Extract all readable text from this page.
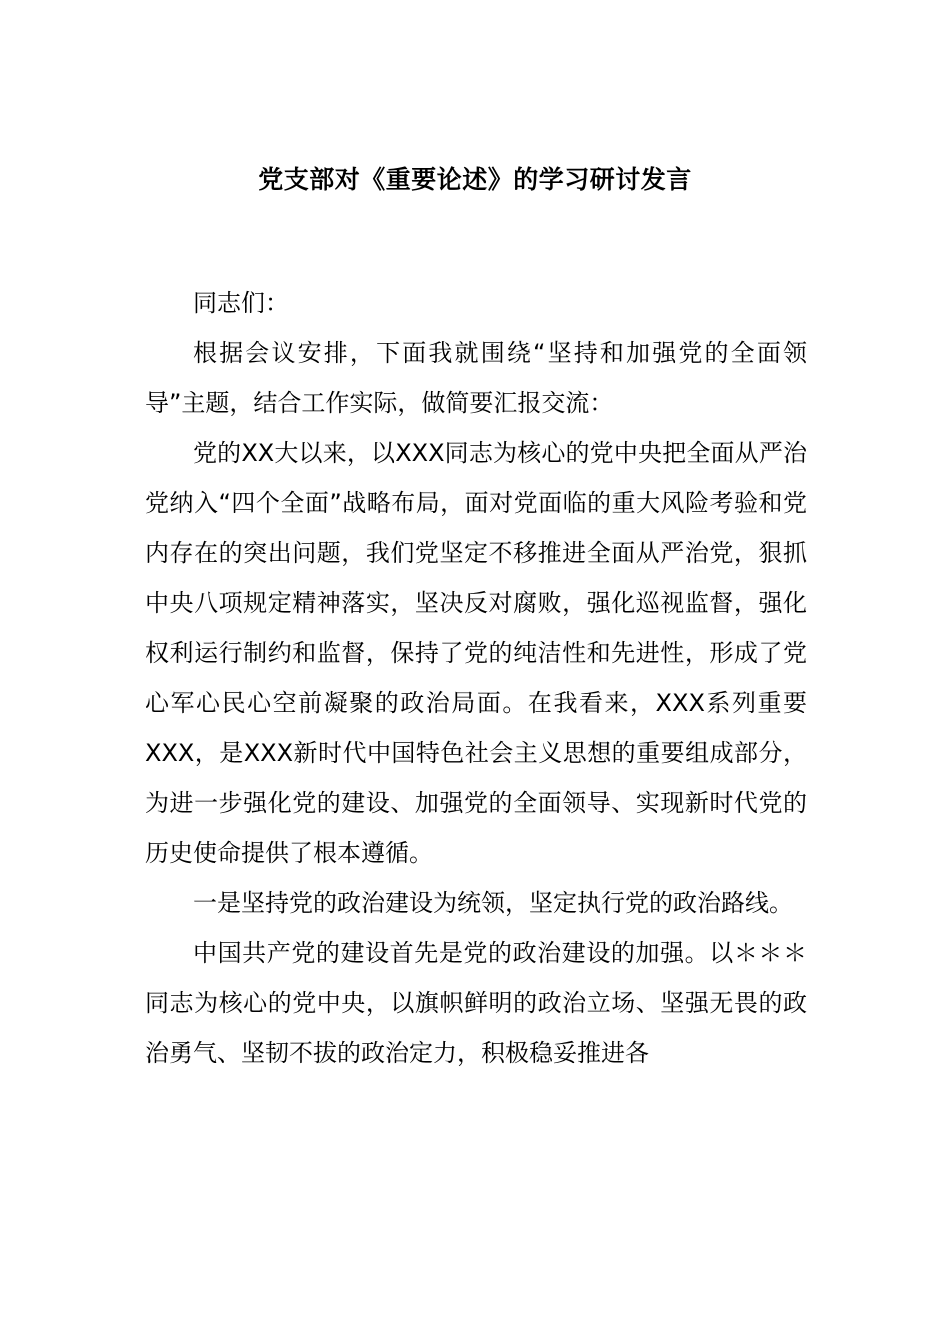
党支部对《重要论述》的学习研讨发言

同志们：

根据会议安排，下面我就围绕“坚持和加强党的全面领导”主题，结合工作实际，做简要汇报交流：

党的XX大以来，以XXX同志为核心的党中央把全面从严治党纳入“四个全面”战略布局，面对党面临的重大风险考验和党内存在的突出问题，我们党坚定不移推进全面从严治党，狠抓中央八项规定精神落实，坚决反对腐败，强化巡视监督，强化权利运行制约和监督，保持了党的纯洁性和先进性，形成了党心军心民心空前凝聚的政治局面。在我看来，XXX系列重要XXX，是XXX新时代中国特色社会主义思想的重要组成部分，为进一步强化党的建设、加强党的全面领导、实现新时代党的历史使命提供了根本遵循。

一是坚持党的政治建设为统领，坚定执行党的政治路线。

中国共产党的建设首先是党的政治建设的加强。以＊＊＊同志为核心的党中央，以旗帜鲜明的政治立场、坚强无畏的政治勇气、坚韧不拔的政治定力，积极稳妥推进各
